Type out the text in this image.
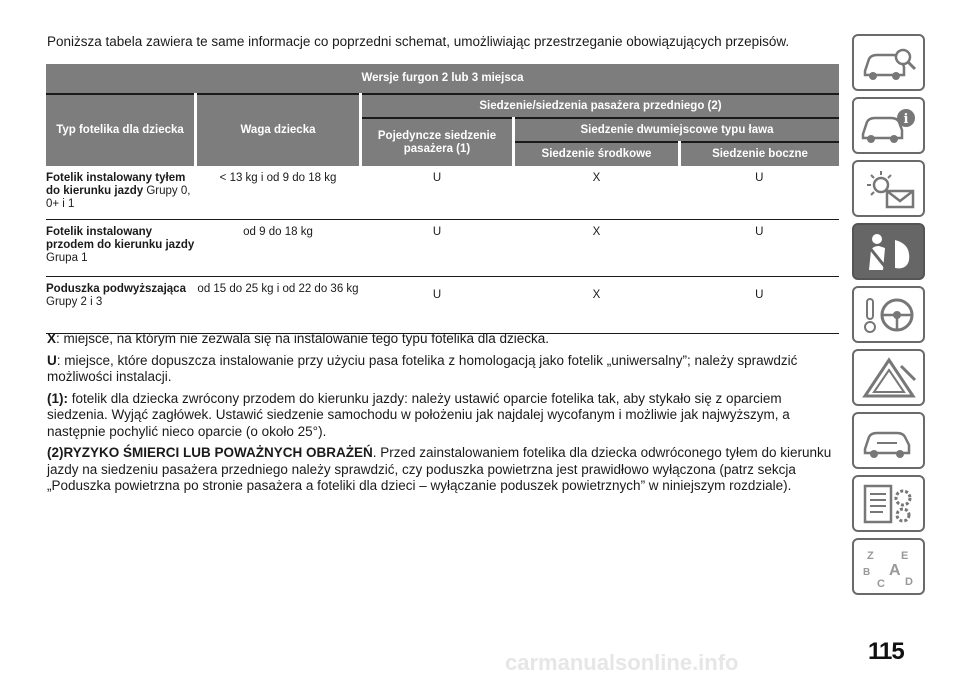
Poniższa tabela zawiera te same informacje co poprzedni schemat, umożliwiając przestrzeganie obowiązujących przepisów.
Wersje furgon 2 lub 3 miejsca				
Typ fotelika dla dziecka	Waga dziecka	Siedzenie/siedzenia pasażera przedniego (2)		
		Pojedyncze siedzenie pasażera (1)	Siedzenie dwumiejscowe typu ława	
			Siedzenie środkowe	Siedzenie boczne
Fotelik instalowany tyłem do kierunku jazdy Grupy 0, 0+ i 1	< 13 kg i od 9 do 18 kg	U	X	U
Fotelik instalowany przodem do kierunku jazdy Grupa 1	od 9 do 18 kg	U	X	U
Poduszka podwyższająca Grupy 2 i 3	od 15 do 25 kg i od 22 do 36 kg	U	X	U

X: miejsce, na którym nie zezwala się na instalowanie tego typu fotelika dla dziecka.

U: miejsce, które dopuszcza instalowanie przy użyciu pasa fotelika z homologacją jako fotelik „uniwersalny”; należy sprawdzić możliwości instalacji.

(1): fotelik dla dziecka zwrócony przodem do kierunku jazdy: należy ustawić oparcie fotelika tak, aby stykało się z oparciem siedzenia. Wyjąć zagłówek. Ustawić siedzenie samochodu w położeniu jak najdalej wycofanym i możliwie jak najwyższym, a następnie pochylić nieco oparcie (o około 25°).

(2)RYZYKO ŚMIERCI LUB POWAŻNYCH OBRAŻEŃ. Przed zainstalowaniem fotelika dla dziecka odwróconego tyłem do kierunku jazdy na siedzeniu pasażera przedniego należy sprawdzić, czy poduszka powietrzna jest prawidłowo wyłączona (patrz sekcja „Poduszka powietrzna po stronie pasażera a foteliki dla dzieci – wyłączanie poduszek powietrznych” w niniejszym rozdziale).

i
Z E
B A
C D
115
carmanualsonline.info
